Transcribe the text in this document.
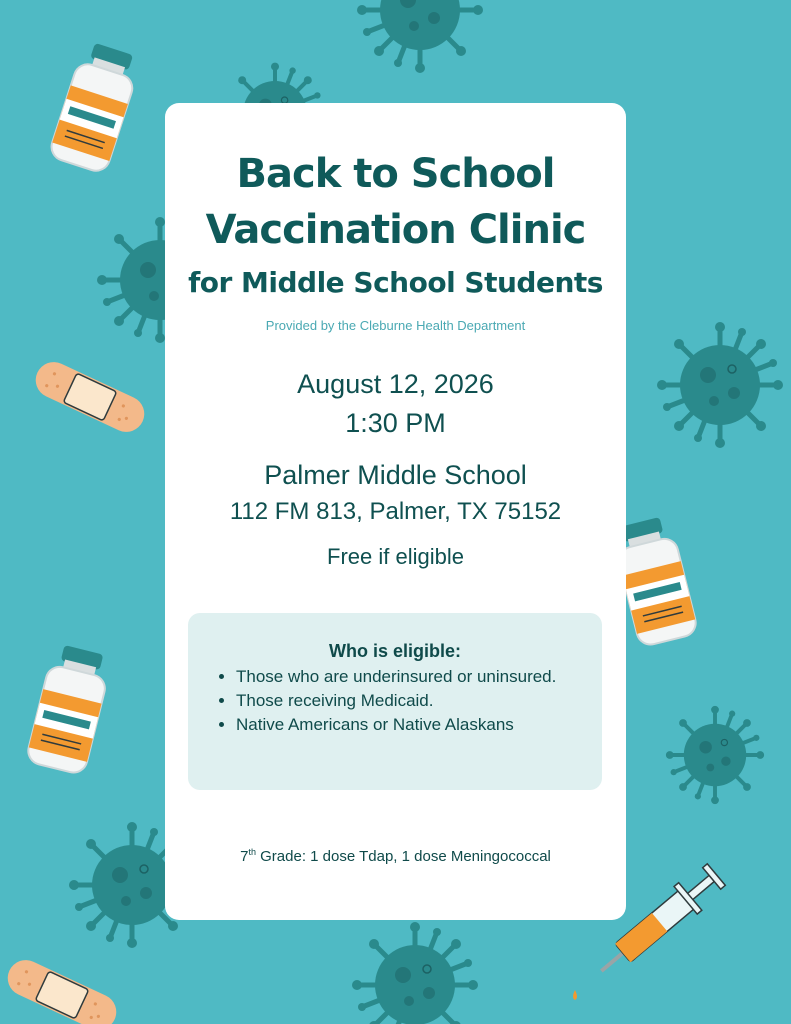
Back to School
Vaccination Clinic
for Middle School Students
Provided by the Cleburne Health Department
August 12, 2026
1:30 PM
Palmer Middle School
112 FM 813, Palmer, TX 75152
Free if eligible
Who is eligible:
• Those who are underinsured or uninsured.
• Those receiving Medicaid.
• Native Americans or Native Alaskans
7th Grade: 1 dose Tdap, 1 dose Meningococcal
